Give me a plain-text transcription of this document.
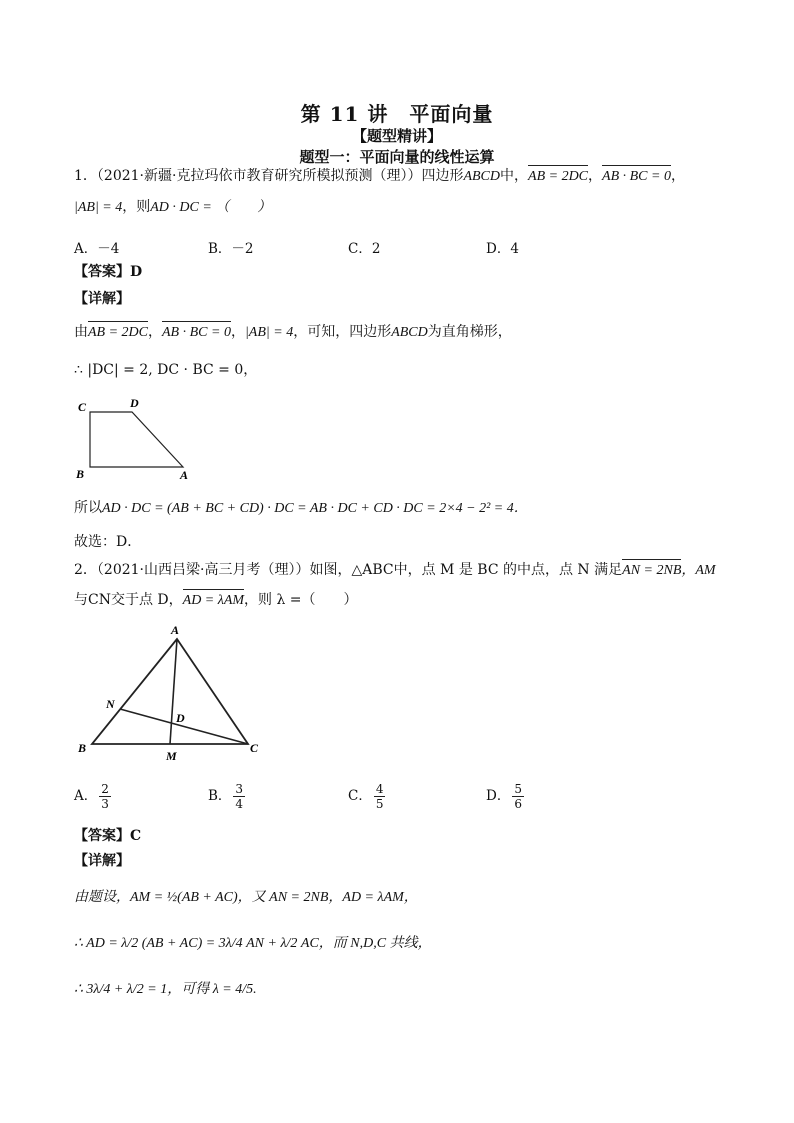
第 11 讲　平面向量
【题型精讲】
题型一：平面向量的线性运算
1．（2021·新疆·克拉玛依市教育研究所模拟预测（理））四边形ABCD中，AB = 2DC，AB · BC = 0，
|AB| = 4，则AD · DC = （　　）
A．－4	B．－2	C．2	D．4
【答案】D
【详解】
由AB = 2DC，AB · BC = 0，|AB| = 4，可知，四边形ABCD为直角梯形，
∴ |DC| = 2, DC · BC = 0，
C	D
B	A
所以AD · DC = (AB + BC + CD) · DC = AB · DC + CD · DC = 2×4 − 2² = 4．
故选：D．
2．（2021·山西吕梁·高三月考（理））如图，△ABC中，点 M 是 BC 的中点，点 N 满足AN = 2NB，AM
与CN交于点 D，AD = λAM，则 λ =（　　）
A
N
D
B
M
C
A． $\frac{2}{3}$	B． $\frac{3}{4}$	C． $\frac{4}{5}$	D． $\frac{5}{6}$
【答案】C
【详解】
由题设，AM = ½(AB + AC)，又 AN = 2NB，AD = λAM，
∴ AD = λ/2 (AB + AC) = 3λ/4 AN + λ/2 AC，而 N,D,C 共线，
∴ 3λ/4 + λ/2 = 1，可得 λ = 4/5.
